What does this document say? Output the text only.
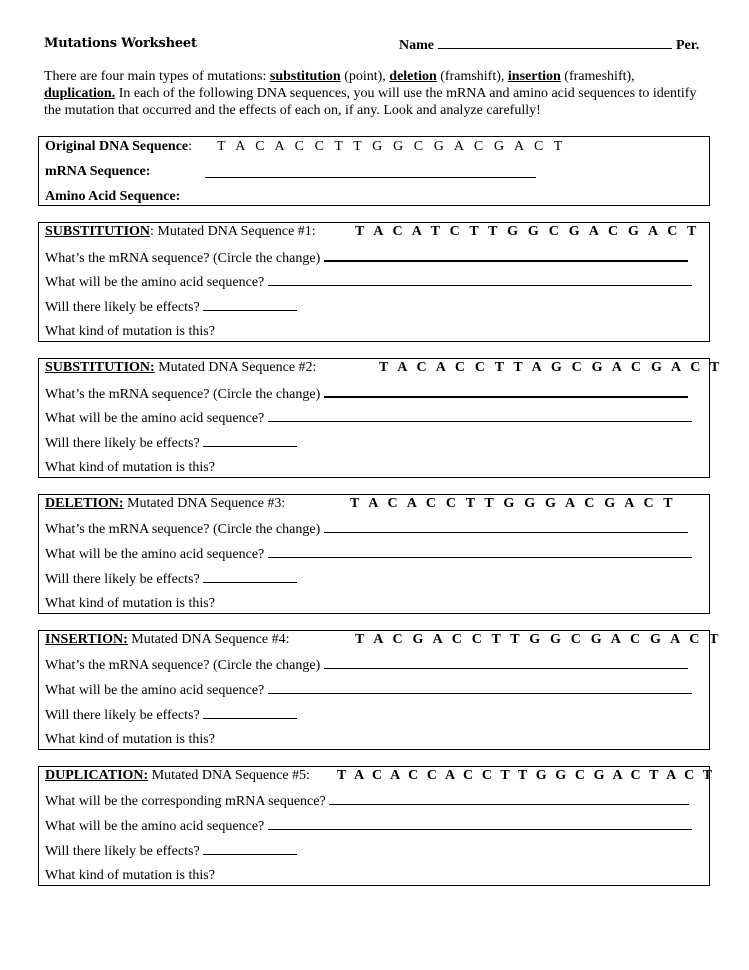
Mutations Worksheet	Name	Per.
There are four main types of mutations: substitution (point), deletion (framshift), insertion (frameshift), duplication. In each of the following DNA sequences, you will use the mRNA and amino acid sequences to identify the mutation that occurred and the effects of each on, if any. Look and analyze carefully!
Original DNA Sequence: T A C A C C T T G G C G A C G A C T
mRNA Sequence:
Amino Acid Sequence:
SUBSTITUTION: Mutated DNA Sequence #1:	T A C A T C T T G G C G A C G A C T
What’s the mRNA sequence? (Circle the change)
What will be the amino acid sequence?
Will there likely be effects?
What kind of mutation is this?
SUBSTITUTION: Mutated DNA Sequence #2:	T A C A C C T T A G C G A C G A C T
What’s the mRNA sequence? (Circle the change)
What will be the amino acid sequence?
Will there likely be effects?
What kind of mutation is this?
DELETION: Mutated DNA Sequence #3:	T A C A C C T T G G G A C G A C T
What’s the mRNA sequence? (Circle the change)
What will be the amino acid sequence?
Will there likely be effects?
What kind of mutation is this?
INSERTION: Mutated DNA Sequence #4:	T A C G A C C T T G G C G A C G A C T
What’s the mRNA sequence? (Circle the change)
What will be the amino acid sequence?
Will there likely be effects?
What kind of mutation is this?
DUPLICATION: Mutated DNA Sequence #5: T A C A C C A C C T T G G C G A C T A C T
What will be the corresponding mRNA sequence?
What will be the amino acid sequence?
Will there likely be effects?
What kind of mutation is this?
